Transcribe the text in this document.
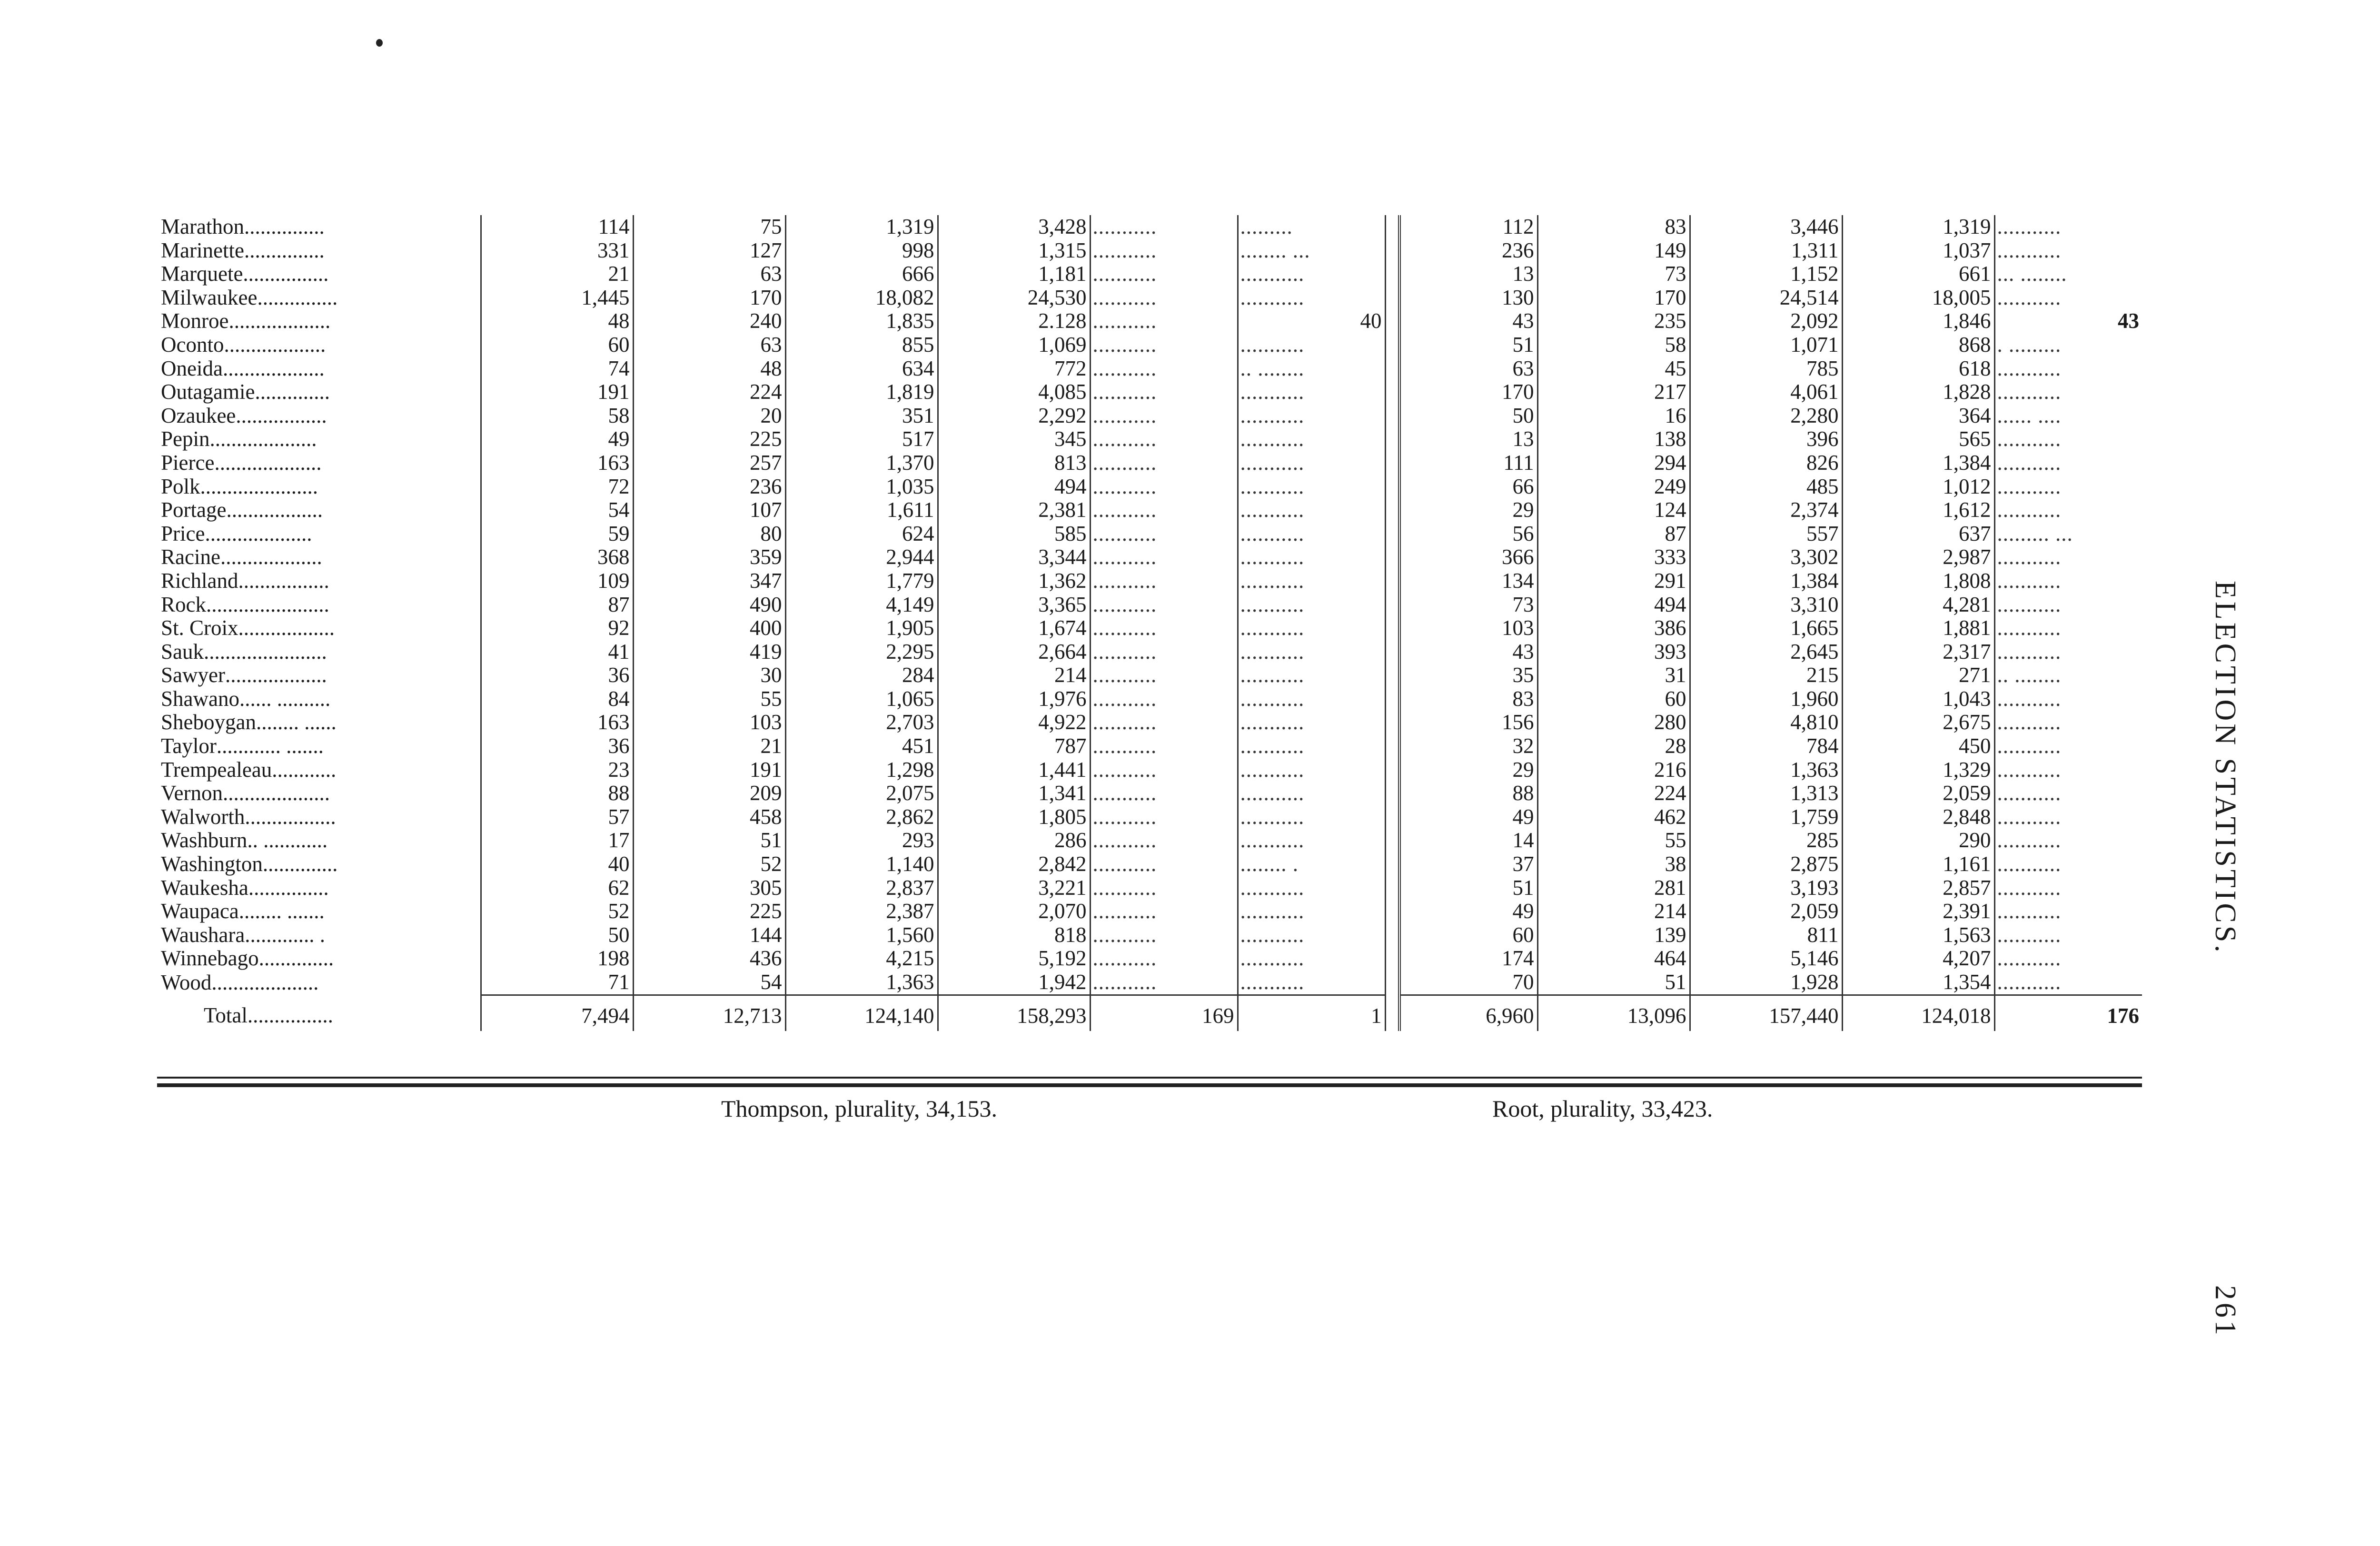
Marathon...............	114	75	1,319	3,428	...........	.........		112	83	3,446	1,319	...........
Marinette...............	331	127	998	1,315	...........	........ ...		236	149	1,311	1,037	...........
Marquete................	21	63	666	1,181	...........	...........		13	73	1,152	661	... ........
Milwaukee...............	1,445	170	18,082	24,530	...........	...........		130	170	24,514	18,005	...........
Monroe...................	48	240	1,835	2.128	...........	40		43	235	2,092	1,846	43
Oconto...................	60	63	855	1,069	...........	...........		51	58	1,071	868	. .........
Oneida...................	74	48	634	772	...........	.. ........		63	45	785	618	...........
Outagamie..............	191	224	1,819	4,085	...........	...........		170	217	4,061	1,828	...........
Ozaukee.................	58	20	351	2,292	...........	...........		50	16	2,280	364	...... ....
Pepin....................	49	225	517	345	...........	...........		13	138	396	565	...........
Pierce....................	163	257	1,370	813	...........	...........		111	294	826	1,384	...........
Polk......................	72	236	1,035	494	...........	...........		66	249	485	1,012	...........
Portage..................	54	107	1,611	2,381	...........	...........		29	124	2,374	1,612	...........
Price....................	59	80	624	585	...........	...........		56	87	557	637	......... ...
Racine...................	368	359	2,944	3,344	...........	...........		366	333	3,302	2,987	...........
Richland.................	109	347	1,779	1,362	...........	...........		134	291	1,384	1,808	...........
Rock.......................	87	490	4,149	3,365	...........	...........		73	494	3,310	4,281	...........
St. Croix..................	92	400	1,905	1,674	...........	...........		103	386	1,665	1,881	...........
Sauk.......................	41	419	2,295	2,664	...........	...........		43	393	2,645	2,317	...........
Sawyer...................	36	30	284	214	...........	...........		35	31	215	271	.. ........
Shawano...... ..........	84	55	1,065	1,976	...........	...........		83	60	1,960	1,043	...........
Sheboygan........ ......	163	103	2,703	4,922	...........	...........		156	280	4,810	2,675	...........
Taylor............ .......	36	21	451	787	...........	...........		32	28	784	450	...........
Trempealeau............	23	191	1,298	1,441	...........	...........		29	216	1,363	1,329	...........
Vernon....................	88	209	2,075	1,341	...........	...........		88	224	1,313	2,059	...........
Walworth.................	57	458	2,862	1,805	...........	...........		49	462	1,759	2,848	...........
Washburn.. ............	17	51	293	286	...........	...........		14	55	285	290	...........
Washington..............	40	52	1,140	2,842	...........	........ .		37	38	2,875	1,161	...........
Waukesha...............	62	305	2,837	3,221	...........	...........		51	281	3,193	2,857	...........
Waupaca........ .......	52	225	2,387	2,070	...........	...........		49	214	2,059	2,391	...........
Waushara............. .	50	144	1,560	818	...........	...........		60	139	811	1,563	...........
Winnebago..............	198	436	4,215	5,192	...........	...........		174	464	5,146	4,207	...........
Wood....................	71	54	1,363	1,942	...........	...........		70	51	1,928	1,354	...........
Total................	7,494	12,713	124,140	158,293	169	1		6,960	13,096	157,440	124,018	176
Thompson, plurality, 34,153.	Root, plurality, 33,423.
ELECTION STATISTICS.
261
